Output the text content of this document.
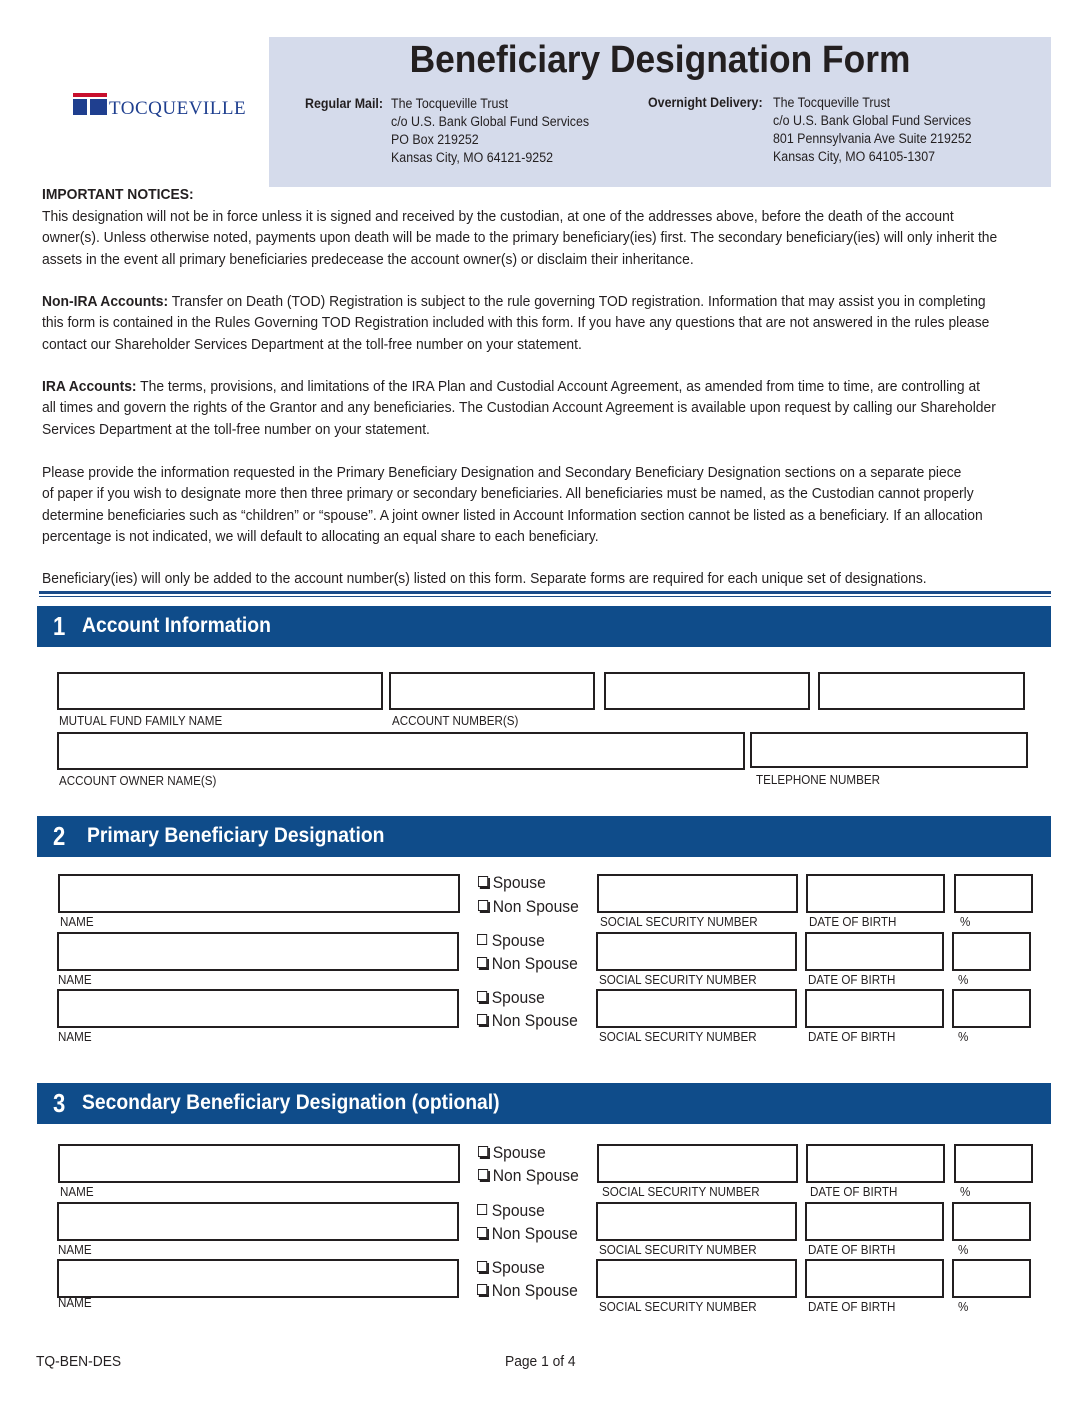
TOCQUEVILLE
Beneficiary Designation Form
Regular Mail: The Tocqueville Trust
c/o U.S. Bank Global Fund Services
PO Box 219252
Kansas City, MO 64121-9252
Overnight Delivery: The Tocqueville Trust
c/o U.S. Bank Global Fund Services
801 Pennsylvania Ave Suite 219252
Kansas City, MO 64105-1307
IMPORTANT NOTICES:
This designation will not be in force unless it is signed and received by the custodian, at one of the addresses above, before the death of the account
owner(s). Unless otherwise noted, payments upon death will be made to the primary beneficiary(ies) first. The secondary beneficiary(ies) will only inherit the
assets in the event all primary beneficiaries predecease the account owner(s) or disclaim their inheritance.
Non-IRA Accounts: Transfer on Death (TOD) Registration is subject to the rule governing TOD registration. Information that may assist you in completing
this form is contained in the Rules Governing TOD Registration included with this form. If you have any questions that are not answered in the rules please
contact our Shareholder Services Department at the toll-free number on your statement.
IRA Accounts: The terms, provisions, and limitations of the IRA Plan and Custodial Account Agreement, as amended from time to time, are controlling at
all times and govern the rights of the Grantor and any beneficiaries. The Custodian Account Agreement is available upon request by calling our Shareholder
Services Department at the toll-free number on your statement.
Please provide the information requested in the Primary Beneficiary Designation and Secondary Beneficiary Designation sections on a separate piece
of paper if you wish to designate more then three primary or secondary beneficiaries. All beneficiaries must be named, as the Custodian cannot properly
determine beneficiaries such as “children” or “spouse”. A joint owner listed in Account Information section cannot be listed as a beneficiary. If an allocation
percentage is not indicated, we will default to allocating an equal share to each beneficiary.
Beneficiary(ies) will only be added to the account number(s) listed on this form. Separate forms are required for each unique set of designations.
1 Account Information
MUTUAL FUND FAMILY NAME	ACCOUNT NUMBER(S)
ACCOUNT OWNER NAME(S)	TELEPHONE NUMBER
2 Primary Beneficiary Designation
Spouse
Non Spouse
NAME	SOCIAL SECURITY NUMBER	DATE OF BIRTH	%
Spouse
Non Spouse
NAME	SOCIAL SECURITY NUMBER	DATE OF BIRTH	%
Spouse
Non Spouse
NAME	SOCIAL SECURITY NUMBER	DATE OF BIRTH	%
3 Secondary Beneficiary Designation (optional)
Spouse
Non Spouse
NAME	SOCIAL SECURITY NUMBER	DATE OF BIRTH	%
Spouse
Non Spouse
NAME	SOCIAL SECURITY NUMBER	DATE OF BIRTH	%
Spouse
Non Spouse
NAME	SOCIAL SECURITY NUMBER	DATE OF BIRTH	%
TQ-BEN-DES	Page 1 of 4
